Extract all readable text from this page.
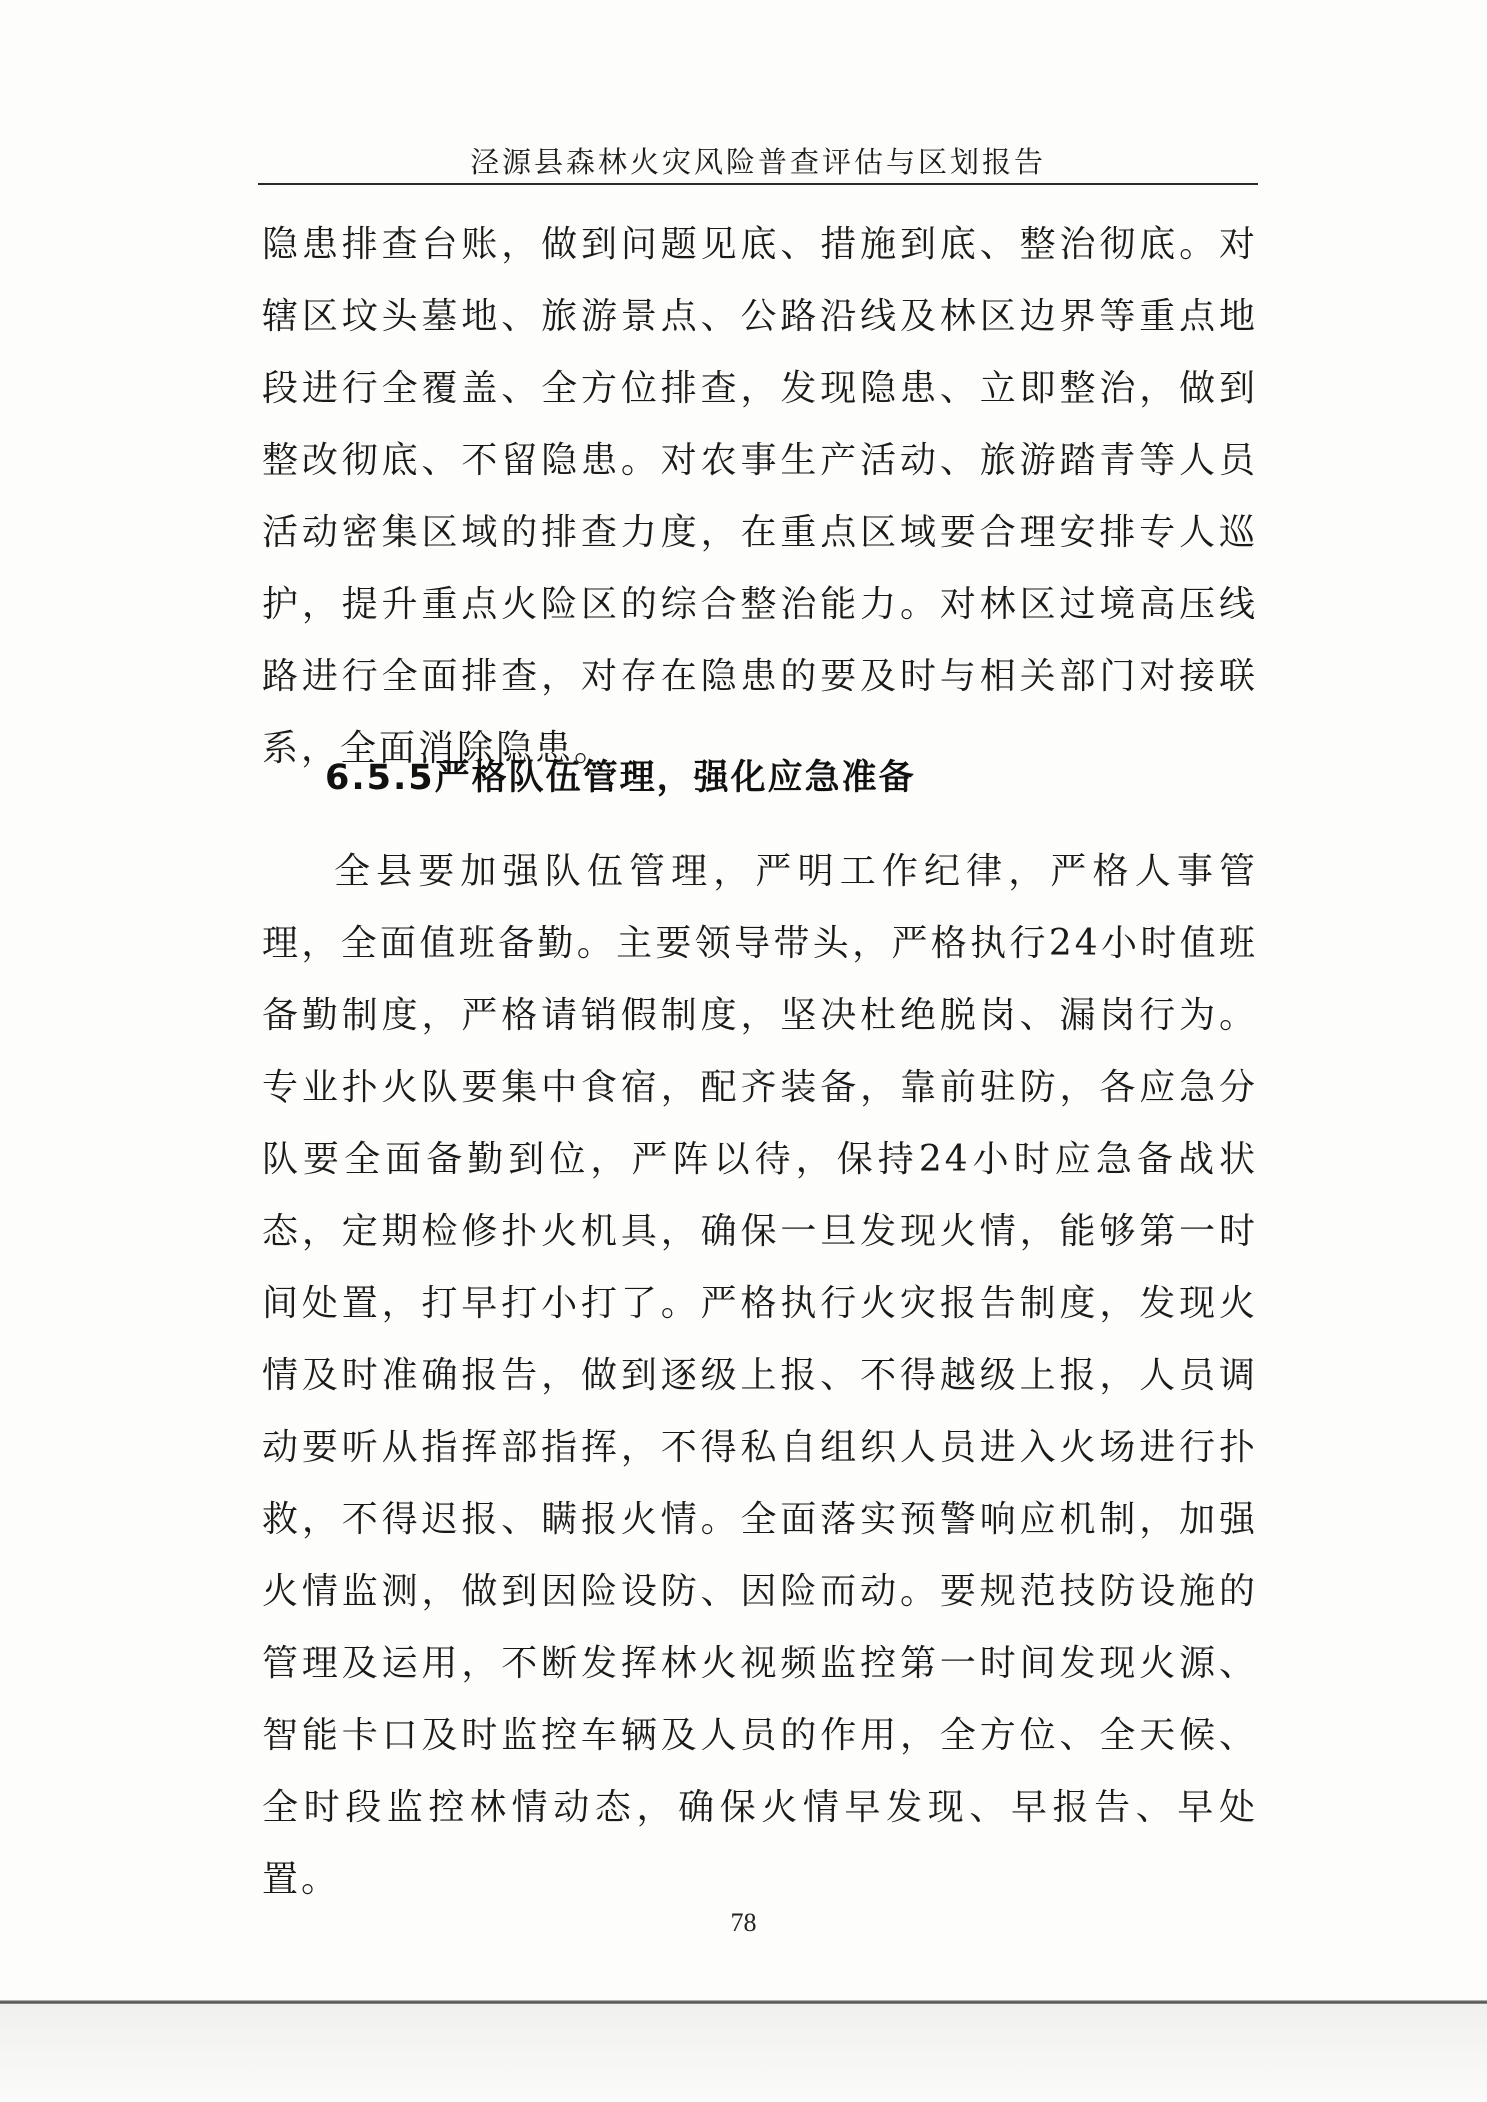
泾源县森林火灾风险普查评估与区划报告
隐患排查台账，做到问题见底、措施到底、整治彻底。对辖区坟头墓地、旅游景点、公路沿线及林区边界等重点地段进行全覆盖、全方位排查，发现隐患、立即整治，做到整改彻底、不留隐患。对农事生产活动、旅游踏青等人员活动密集区域的排查力度，在重点区域要合理安排专人巡护，提升重点火险区的综合整治能力。对林区过境高压线路进行全面排查，对存在隐患的要及时与相关部门对接联系，全面消除隐患。
6.5.5严格队伍管理，强化应急准备
全县要加强队伍管理，严明工作纪律，严格人事管理，全面值班备勤。主要领导带头，严格执行24小时值班备勤制度，严格请销假制度，坚决杜绝脱岗、漏岗行为。专业扑火队要集中食宿，配齐装备，靠前驻防，各应急分队要全面备勤到位，严阵以待，保持24小时应急备战状态，定期检修扑火机具，确保一旦发现火情，能够第一时间处置，打早打小打了。严格执行火灾报告制度，发现火情及时准确报告，做到逐级上报、不得越级上报，人员调动要听从指挥部指挥，不得私自组织人员进入火场进行扑救，不得迟报、瞒报火情。全面落实预警响应机制，加强火情监测，做到因险设防、因险而动。要规范技防设施的管理及运用，不断发挥林火视频监控第一时间发现火源、智能卡口及时监控车辆及人员的作用，全方位、全天候、全时段监控林情动态，确保火情早发现、早报告、早处置。
78
